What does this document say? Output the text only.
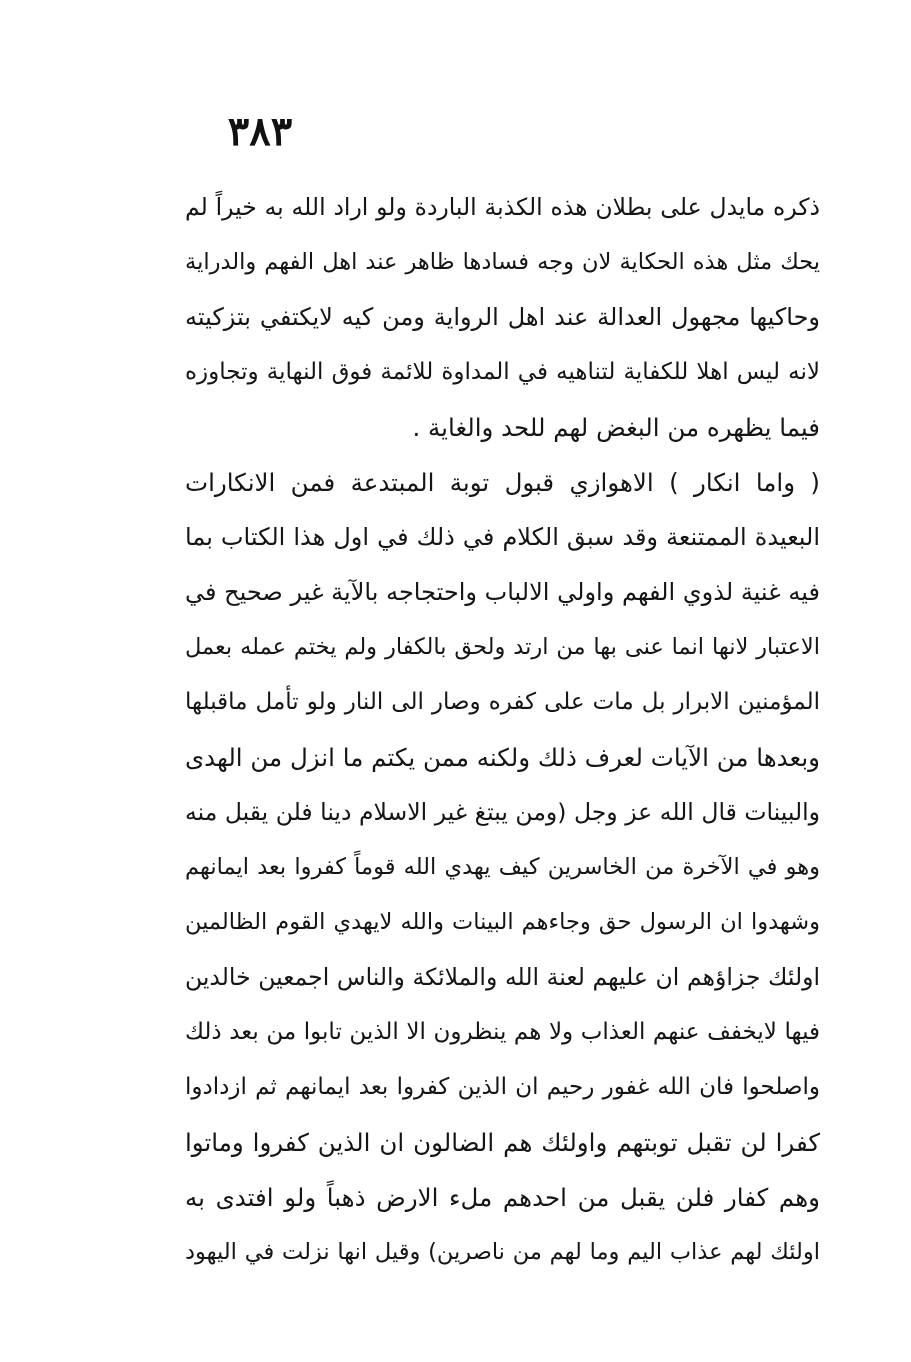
٣٨٣
ذكره مايدل على بطلان هذه الكذبة الباردة ولو اراد الله به خيراً لم
يحك مثل هذه الحكاية لان وجه فسادها ظاهر عند اهل الفهم والدراية
وحاكيها مجهول العدالة عند اهل الرواية ومن كيه لايكتفي بتزكيته
لانه ليس اهلا للكفاية لتناهيه في المداوة للائمة فوق النهاية وتجاوزه
فيما يظهره من البغض لهم للحد والغاية .
( واما انكار ) الاهوازي قبول توبة المبتدعة فمن الانكارات
البعيدة الممتنعة وقد سبق الكلام في ذلك في اول هذا الكتاب بما
فيه غنية لذوي الفهم واولي الالباب واحتجاجه بالآية غير صحيح في
الاعتبار لانها انما عنى بها من ارتد ولحق بالكفار ولم يختم عمله بعمل
المؤمنين الابرار بل مات على كفره وصار الى النار ولو تأمل ماقبلها
وبعدها من الآيات لعرف ذلك ولكنه ممن يكتم ما انزل من الهدى
والبينات قال الله عز وجل (ومن يبتغ غير الاسلام دينا فلن يقبل منه
وهو في الآخرة من الخاسرين كيف يهدي الله قوماً كفروا بعد ايمانهم
وشهدوا ان الرسول حق وجاءهم البينات والله لايهدي القوم الظالمين
اولئك جزاؤهم ان عليهم لعنة الله والملائكة والناس اجمعين خالدين
فيها لايخفف عنهم العذاب ولا هم ينظرون الا الذين تابوا من بعد ذلك
واصلحوا فان الله غفور رحيم ان الذين كفروا بعد ايمانهم ثم ازدادوا
كفرا لن تقبل توبتهم واولئك هم الضالون ان الذين كفروا وماتوا
وهم كفار فلن يقبل من احدهم ملء الارض ذهباً ولو افتدى به
اولئك لهم عذاب اليم وما لهم من ناصرين) وقيل انها نزلت في اليهود
